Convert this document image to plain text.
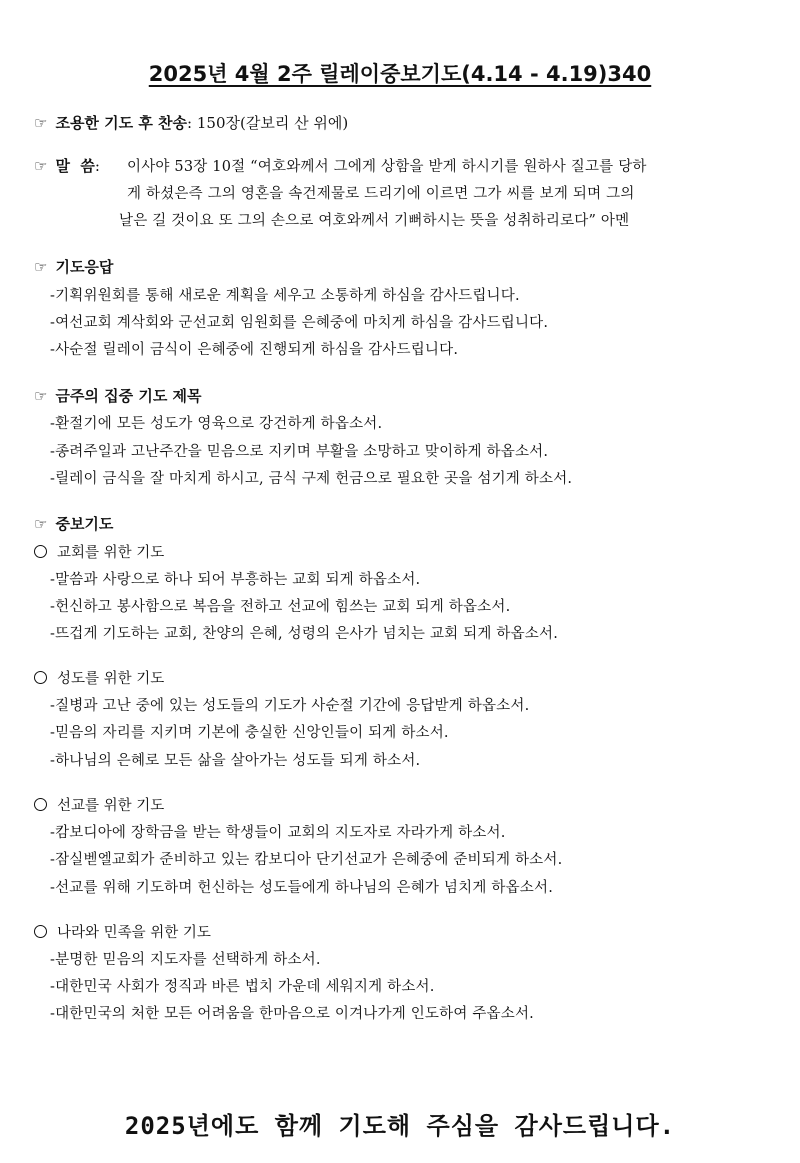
2025년 4월 2주 릴레이중보기도(4.14 - 4.19)340
☞ 조용한 기도 후 찬송: 150장(갈보리 산 위에)
☞ 말  씀: 이사야 53장 10절 “여호와께서 그에게 상함을 받게 하시기를 원하사 질고를 당하
게 하셨은즉 그의 영혼을 속건제물로 드리기에 이르면 그가 씨를 보게 되며 그의
날은 길 것이요 또 그의 손으로 여호와께서 기뻐하시는 뜻을 성취하리로다” 아멘
☞ 기도응답
-기획위원회를 통해 새로운 계획을 세우고 소통하게 하심을 감사드립니다.
-여선교회 계삭회와 군선교회 임원회를 은혜중에 마치게 하심을 감사드립니다.
-사순절 릴레이 금식이 은혜중에 진행되게 하심을 감사드립니다.
☞ 금주의 집중 기도 제목
-환절기에 모든 성도가 영육으로 강건하게 하옵소서.
-종려주일과 고난주간을 믿음으로 지키며 부활을 소망하고 맞이하게 하옵소서.
-릴레이 금식을 잘 마치게 하시고, 금식 구제 헌금으로 필요한 곳을 섬기게 하소서.
☞ 중보기도
교회를 위한 기도
-말씀과 사랑으로 하나 되어 부흥하는 교회 되게 하옵소서.
-헌신하고 봉사함으로 복음을 전하고 선교에 힘쓰는 교회 되게 하옵소서.
-뜨겁게 기도하는 교회, 찬양의 은혜, 성령의 은사가 넘치는 교회 되게 하옵소서.
성도를 위한 기도
-질병과 고난 중에 있는 성도들의 기도가 사순절 기간에 응답받게 하옵소서.
-믿음의 자리를 지키며 기본에 충실한 신앙인들이 되게 하소서.
-하나님의 은혜로 모든 삶을 살아가는 성도들 되게 하소서.
선교를 위한 기도
-캄보디아에 장학금을 받는 학생들이 교회의 지도자로 자라가게 하소서.
-잠실벧엘교회가 준비하고 있는 캄보디아 단기선교가 은혜중에 준비되게 하소서.
-선교를 위해 기도하며 헌신하는 성도들에게 하나님의 은혜가 넘치게 하옵소서.
나라와 민족을 위한 기도
-분명한 믿음의 지도자를 선택하게 하소서.
-대한민국 사회가 정직과 바른 법치 가운데 세워지게 하소서.
-대한민국의 처한 모든 어려움을 한마음으로 이겨나가게 인도하여 주옵소서.
2025년에도 함께 기도해 주심을 감사드립니다.
